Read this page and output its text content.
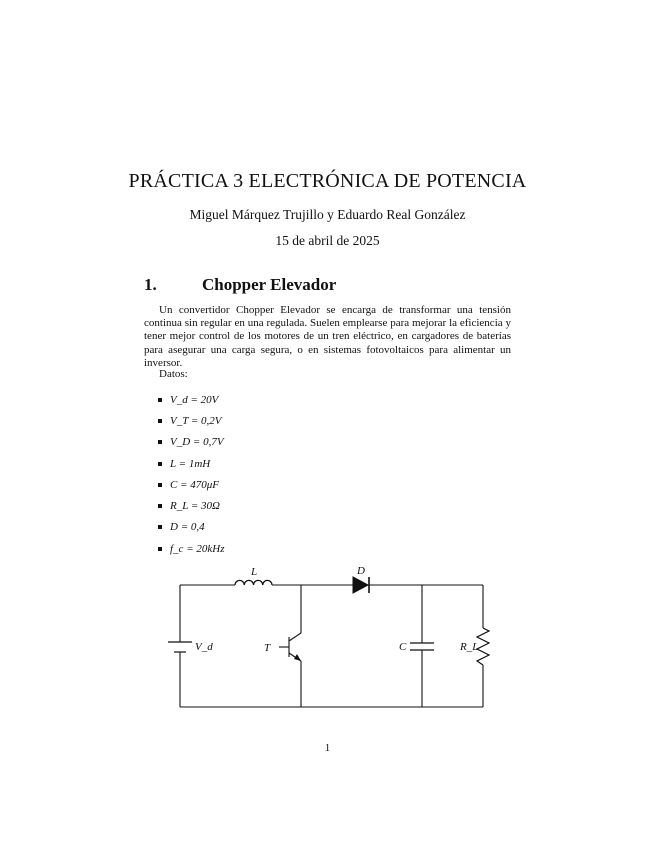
PRÁCTICA 3 ELECTRÓNICA DE POTENCIA
Miguel Márquez Trujillo y Eduardo Real González
15 de abril de 2025
1.	Chopper Elevador
Un convertidor Chopper Elevador se encarga de transformar una tensión continua sin regular en una regulada. Suelen emplearse para mejorar la eficiencia y tener mejor control de los motores de un tren eléctrico, en cargadores de baterías para asegurar una carga segura, o en sistemas fotovoltaicos para alimentar un inversor.
Datos:
V_d = 20V
V_T = 0,2V
V_D = 0,7V
L = 1mH
C = 470μF
R_L = 30Ω
D = 0,4
f_c = 20kHz
L	D
V_d	T	C	R_L
1
